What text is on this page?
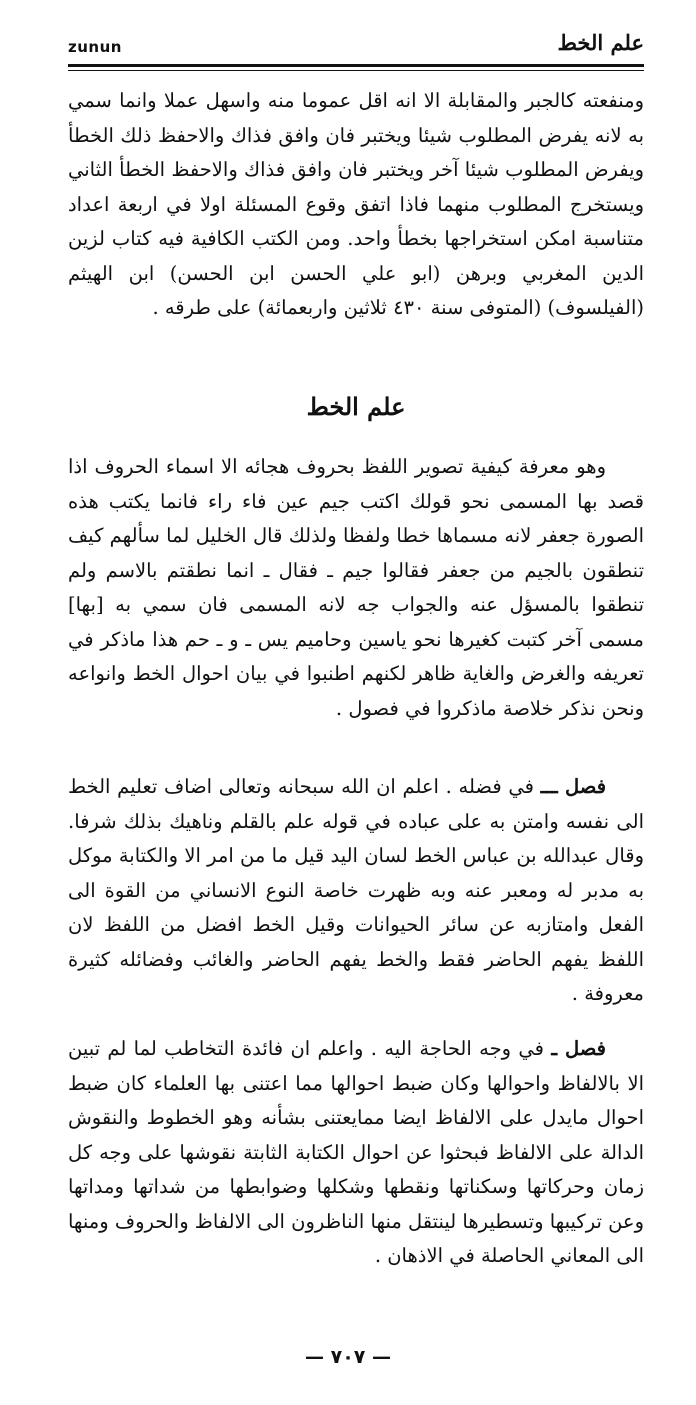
zunun	علم الخط

ومنفعته كالجبر والمقابلة الا انه اقل عموما منه واسهل عملا وانما سمي به لانه يفرض المطلوب شيئا ويختبر فان وافق فذاك والاحفظ ذلك الخطأ ويفرض المطلوب شيئا آخر ويختبر فان وافق فذاك والاحفظ الخطأ الثاني ويستخرج المطلوب منهما فاذا اتفق وقوع المسئلة اولا في اربعة اعداد متناسبة امكن استخراجها بخطأ واحد. ومن الكتب الكافية فيه كتاب لزين الدين المغربي وبرهن (ابو علي الحسن ابن الحسن) ابن الهيثم (الفيلسوف) (المتوفى سنة ٤٣٠ ثلاثين واربعمائة) على طرقه .

علم الخط

وهو معرفة كيفية تصوير اللفظ بحروف هجائه الا اسماء الحروف اذا قصد بها المسمى نحو قولك اكتب جيم عين فاء راء فانما يكتب هذه الصورة جعفر لانه مسماها خطا ولفظا ولذلك قال الخليل لما سألهم كيف تنطقون بالجيم من جعفر فقالوا جيم ـ فقال ـ انما نطقتم بالاسم ولم تنطقوا بالمسؤل عنه والجواب جه لانه المسمى فان سمي به [بها] مسمى آخر كتبت كغيرها نحو ياسين وحاميم يس ـ و ـ حم هذا ماذكر في تعريفه والغرض والغاية ظاهر لكنهم اطنبوا في بيان احوال الخط وانواعه ونحن نذكر خلاصة ماذكروا في فصول .

فصل ـــ في فضله . اعلم ان الله سبحانه وتعالى اضاف تعليم الخط الى نفسه وامتن به على عباده في قوله علم بالقلم وناهيك بذلك شرفا. وقال عبدالله بن عباس الخط لسان اليد قيل ما من امر الا والكتابة موكل به مدبر له ومعبر عنه وبه ظهرت خاصة النوع الانساني من القوة الى الفعل وامتازبه عن سائر الحيوانات وقيل الخط افضل من اللفظ لان اللفظ يفهم الحاضر فقط والخط يفهم الحاضر والغائب وفضائله كثيرة معروفة .

فصل ـ في وجه الحاجة اليه . واعلم ان فائدة التخاطب لما لم تبين الا بالالفاظ واحوالها وكان ضبط احوالها مما اعتنى بها العلماء كان ضبط احوال مايدل على الالفاظ ايضا ممايعتنى بشأنه وهو الخطوط والنقوش الدالة على الالفاظ فبحثوا عن احوال الكتابة الثابتة نقوشها على وجه كل زمان وحركاتها وسكناتها ونقطها وشكلها وضوابطها من شداتها ومداتها وعن تركيبها وتسطيرها لينتقل منها الناظرون الى الالفاظ والحروف ومنها الى المعاني الحاصلة في الاذهان .

— ٧٠٧ —
